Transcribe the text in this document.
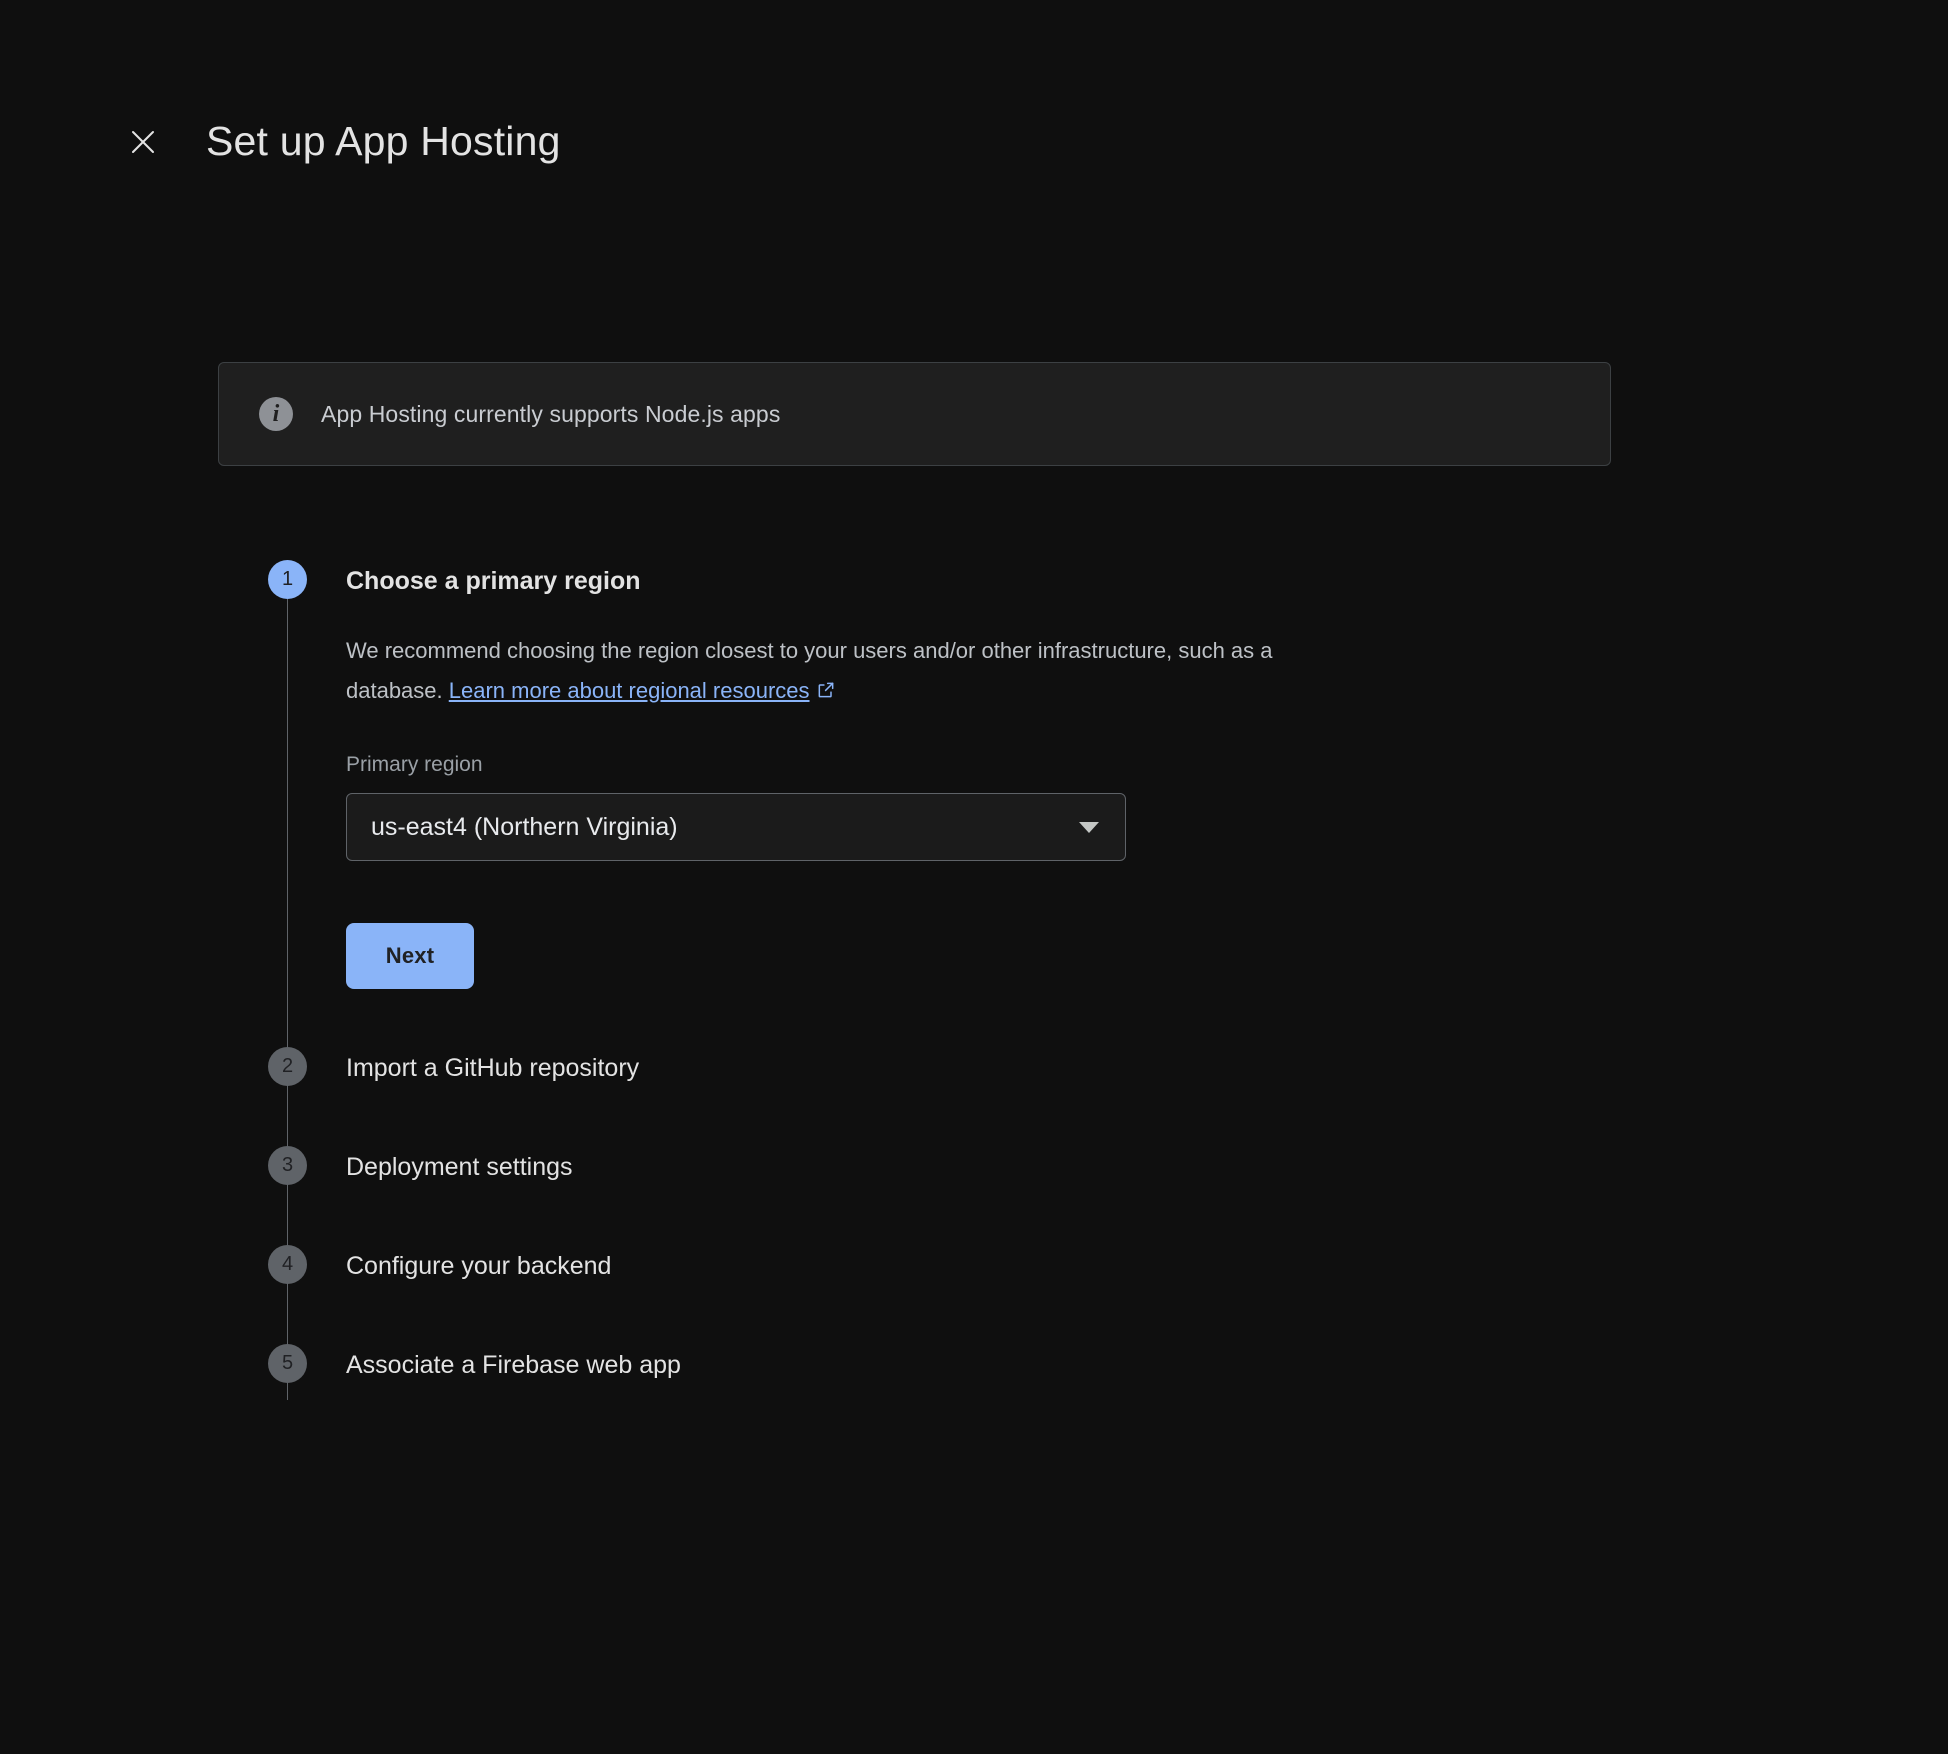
Set up App Hosting
i	App Hosting currently supports Node.js apps
1	Choose a primary region
We recommend choosing the region closest to your users and/or other infrastructure, such as a database. Learn more about regional resources
Primary region
us-east4 (Northern Virginia)
Next
2	Import a GitHub repository
3	Deployment settings
4	Configure your backend
5	Associate a Firebase web app
